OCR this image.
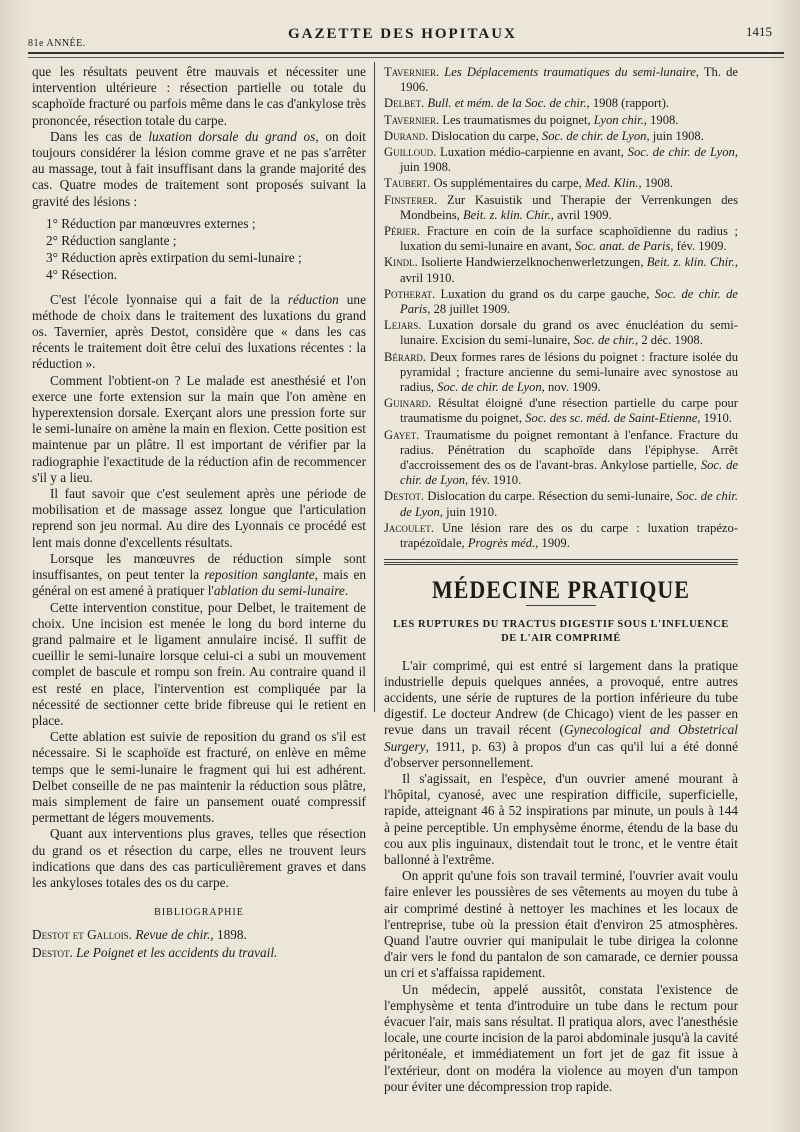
81e ANNÉE.
GAZETTE DES HOPITAUX	1415

que les résultats peuvent être mauvais et nécessiter une intervention ultérieure : résection partielle ou totale du scaphoïde fracturé ou parfois même dans le cas d'ankylose très prononcée, résection totale du carpe.

Dans les cas de luxation dorsale du grand os, on doit toujours considérer la lésion comme grave et ne pas s'arrêter au massage, tout à fait insuffisant dans la grande majorité des cas. Quatre modes de traitement sont proposés suivant la gravité des lésions :

1° Réduction par manœuvres externes ;
2° Réduction sanglante ;
3° Réduction après extirpation du semi-lunaire ;
4° Résection.

C'est l'école lyonnaise qui a fait de la réduction une méthode de choix dans le traitement des luxations du grand os. Tavernier, après Destot, considère que « dans les cas récents le traitement doit être celui des luxations récentes : la réduction ».

Comment l'obtient-on ? Le malade est anesthésié et l'on exerce une forte extension sur la main que l'on amène en hyperextension dorsale. Exerçant alors une pression forte sur le semi-lunaire on amène la main en flexion. Cette position est maintenue par un plâtre. Il est important de vérifier par la radiographie l'exactitude de la réduction afin de recommencer s'il y a lieu.

Il faut savoir que c'est seulement après une période de mobilisation et de massage assez longue que l'articulation reprend son jeu normal. Au dire des Lyonnais ce procédé est lent mais donne d'excellents résultats.

Lorsque les manœuvres de réduction simple sont insuffisantes, on peut tenter la reposition sanglante, mais en général on est amené à pratiquer l'ablation du semi-lunaire.

Cette intervention constitue, pour Delbet, le traitement de choix. Une incision est menée le long du bord interne du grand palmaire et le ligament annulaire incisé. Il suffit de cueillir le semi-lunaire lorsque celui-ci a subi un mouvement complet de bascule et rompu son frein. Au contraire quand il est resté en place, l'intervention est compliquée par la nécessité de sectionner cette bride fibreuse qui le retient en place.

Cette ablation est suivie de reposition du grand os s'il est nécessaire. Si le scaphoïde est fracturé, on enlève en même temps que le semi-lunaire le fragment qui lui est adhérent. Delbet conseille de ne pas maintenir la réduction sous plâtre, mais simplement de faire un pansement ouaté compressif permettant de légers mouvements.

Quant aux interventions plus graves, telles que résection du grand os et résection du carpe, elles ne trouvent leurs indications que dans des cas particulièrement graves et dans les ankyloses totales des os du carpe.

BIBLIOGRAPHIE
Destot et Gallois. Revue de chir., 1898.
Destot. Le Poignet et les accidents du travail.
Tavernier. Les Déplacements traumatiques du semi-lunaire, Th. de 1906.
Delbet. Bull. et mém. de la Soc. de chir., 1908 (rapport).
Tavernier. Les traumatismes du poignet, Lyon chir., 1908.
Durand. Dislocation du carpe, Soc. de chir. de Lyon, juin 1908.
Guilloud. Luxation médio-carpienne en avant, Soc. de chir. de Lyon, juin 1908.
Taubert. Os supplémentaires du carpe, Med. Klin., 1908.
Finsterer. Zur Kasuistik und Therapie der Verrenkungen des Mondbeins, Beit. z. klin. Chir., avril 1909.
Périer. Fracture en coin de la surface scaphoïdienne du radius ; luxation du semi-lunaire en avant, Soc. anat. de Paris, fév. 1909.
Kindl. Isolierte Handwierzelknochenwerletzungen, Beit. z. klin. Chir., avril 1910.
Potherat. Luxation du grand os du carpe gauche, Soc. de chir. de Paris, 28 juillet 1909.
Lejars. Luxation dorsale du grand os avec énucléation du semi-lunaire. Excision du semi-lunaire, Soc. de chir., 2 déc. 1908.
Bérard. Deux formes rares de lésions du poignet : fracture isolée du pyramidal ; fracture ancienne du semi-lunaire avec synostose au radius, Soc. de chir. de Lyon, nov. 1909.
Guinard. Résultat éloigné d'une résection partielle du carpe pour traumatisme du poignet, Soc. des sc. méd. de Saint-Etienne, 1910.
Gayet. Traumatisme du poignet remontant à l'enfance. Fracture du radius. Pénétration du scaphoïde dans l'épiphyse. Arrêt d'accroissement des os de l'avant-bras. Ankylose partielle, Soc. de chir. de Lyon, fév. 1910.
Destot. Dislocation du carpe. Résection du semi-lunaire, Soc. de chir. de Lyon, juin 1910.
Jacoulet. Une lésion rare des os du carpe : luxation trapézo-trapézoïdale, Progrès méd., 1909.
MÉDECINE PRATIQUE
LES RUPTURES DU TRACTUS DIGESTIF SOUS L'INFLUENCE DE L'AIR COMPRIMÉ

L'air comprimé, qui est entré si largement dans la pratique industrielle depuis quelques années, a provoqué, entre autres accidents, une série de ruptures de la portion inférieure du tube digestif. Le docteur Andrew (de Chicago) vient de les passer en revue dans un travail récent (Gynecological and Obstetrical Surgery, 1911, p. 63) à propos d'un cas qu'il lui a été donné d'observer personnellement.

Il s'agissait, en l'espèce, d'un ouvrier amené mourant à l'hôpital, cyanosé, avec une respiration difficile, superficielle, rapide, atteignant 46 à 52 inspirations par minute, un pouls à 144 à peine perceptible. Un emphysème énorme, étendu de la base du cou aux plis inguinaux, distendait tout le tronc, et le ventre était ballonné à l'extrême.

On apprit qu'une fois son travail terminé, l'ouvrier avait voulu faire enlever les poussières de ses vêtements au moyen du tube à air comprimé destiné à nettoyer les machines et les locaux de l'entreprise, tube où la pression était d'environ 25 atmosphères. Quand l'autre ouvrier qui manipulait le tube dirigea la colonne d'air vers le fond du pantalon de son camarade, ce dernier poussa un cri et s'affaissa rapidement.

Un médecin, appelé aussitôt, constata l'existence de l'emphysème et tenta d'introduire un tube dans le rectum pour évacuer l'air, mais sans résultat. Il pratiqua alors, avec l'anesthésie locale, une courte incision de la paroi abdominale jusqu'à la cavité péritonéale, et immédiatement un fort jet de gaz fit issue à l'extérieur, dont on modéra la violence au moyen d'un tampon pour éviter une décompression trop rapide.
